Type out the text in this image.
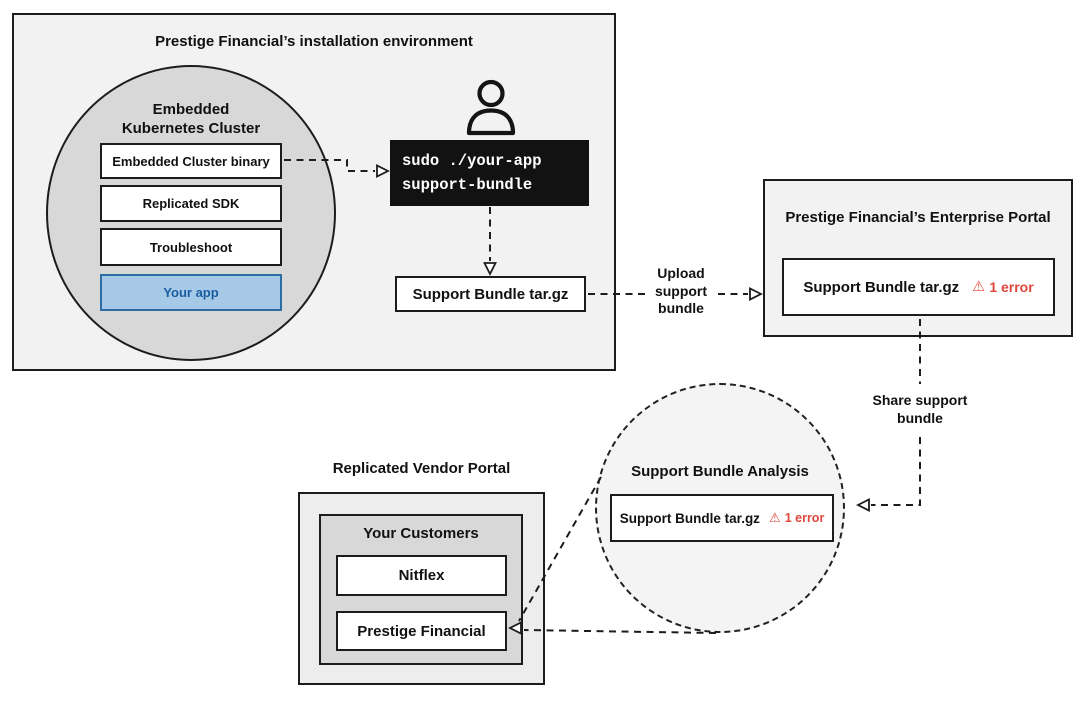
Prestige Financial’s installation environment
Embedded
Kubernetes Cluster
Embedded Cluster binary
Replicated SDK
Troubleshoot
Your app
sudo ./your-app
support-bundle
Support Bundle tar.gz
Prestige Financial’s Enterprise Portal
Support Bundle tar.gz ⚠ 1 error
Support Bundle Analysis
Support Bundle tar.gz ⚠ 1 error
Replicated Vendor Portal
Your Customers
Nitflex
Prestige Financial
Upload
support
bundle
Share support
bundle
